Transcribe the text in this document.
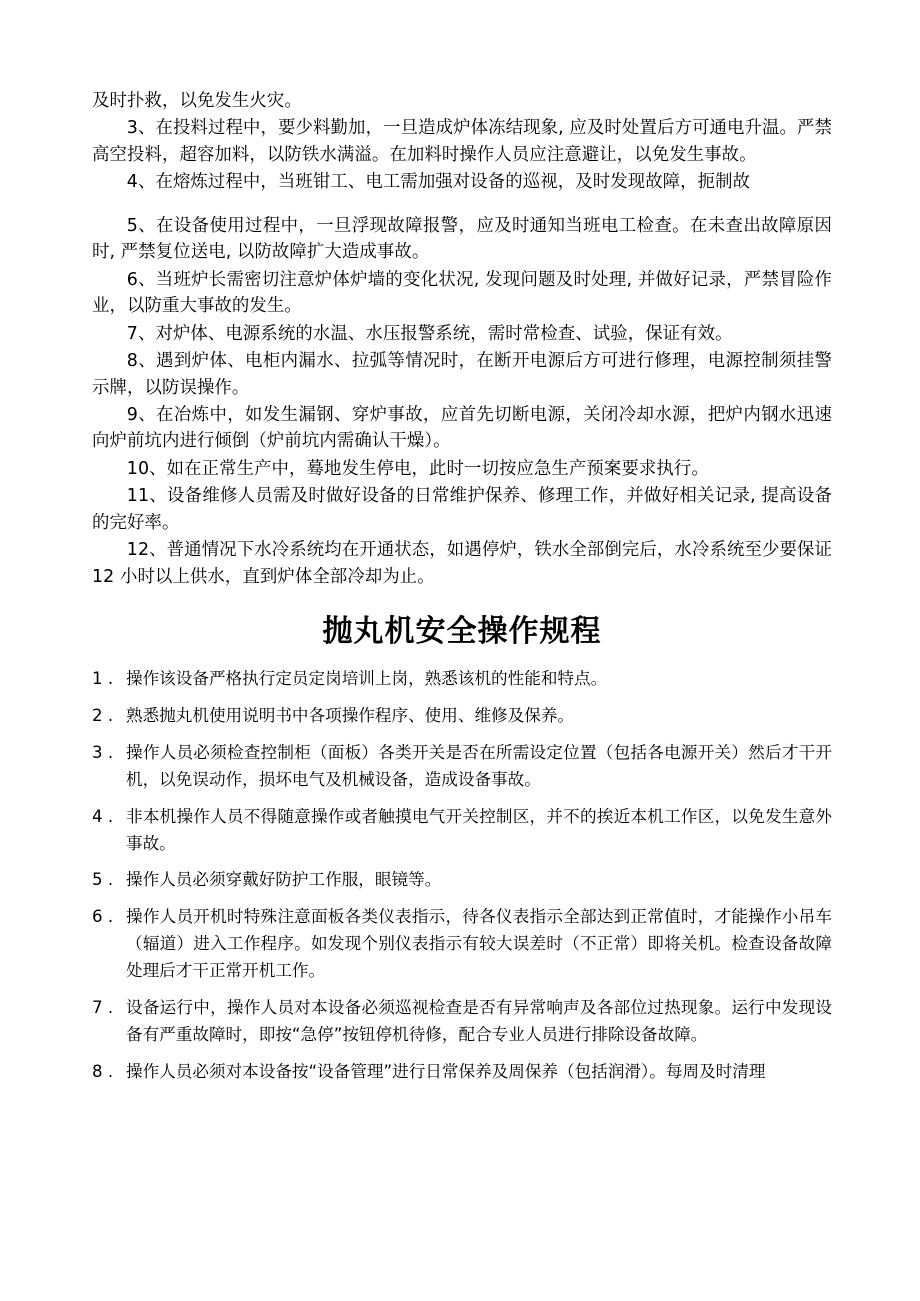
及时扑救，以免发生火灾。

3、在投料过程中，要少料勤加，一旦造成炉体冻结现象, 应及时处置后方可通电升温。严禁高空投料，超容加料，以防铁水满溢。在加料时操作人员应注意避让，以免发生事故。

4、在熔炼过程中，当班钳工、电工需加强对设备的巡视，及时发现故障，扼制故

5、在设备使用过程中，一旦浮现故障报警，应及时通知当班电工检查。在未查出故障原因时, 严禁复位送电, 以防故障扩大造成事故。

6、当班炉长需密切注意炉体炉墙的变化状况, 发现问题及时处理, 并做好记录，严禁冒险作业，以防重大事故的发生。

7、对炉体、电源系统的水温、水压报警系统，需时常检查、试验，保证有效。

8、遇到炉体、电柜内漏水、拉弧等情况时，在断开电源后方可进行修理，电源控制须挂警示牌，以防误操作。

9、在冶炼中，如发生漏钢、穿炉事故，应首先切断电源，关闭冷却水源，把炉内钢水迅速向炉前坑内进行倾倒（炉前坑内需确认干燥）。

10、如在正常生产中，蓦地发生停电，此时一切按应急生产预案要求执行。

11、设备维修人员需及时做好设备的日常维护保养、修理工作，并做好相关记录, 提高设备的完好率。

12、普通情况下水冷系统均在开通状态，如遇停炉，铁水全部倒完后，水冷系统至少要保证 12 小时以上供水，直到炉体全部冷却为止。

抛丸机安全操作规程
1 . 操作该设备严格执行定员定岗培训上岗，熟悉该机的性能和特点。
2 . 熟悉抛丸机使用说明书中各项操作程序、使用、维修及保养。
3 . 操作人员必须检查控制柜（面板）各类开关是否在所需设定位置（包括各电源开关）然后才干开机，以免误动作，损坏电气及机械设备，造成设备事故。
4 . 非本机操作人员不得随意操作或者触摸电气开关控制区，并不的挨近本机工作区，以免发生意外事故。
5 . 操作人员必须穿戴好防护工作服，眼镜等。
6 . 操作人员开机时特殊注意面板各类仪表指示，待各仪表指示全部达到正常值时，才能操作小吊车（辐道）进入工作程序。如发现个别仪表指示有较大误差时（不正常）即将关机。检查设备故障处理后才干正常开机工作。
7 . 设备运行中，操作人员对本设备必须巡视检查是否有异常响声及各部位过热现象。运行中发现设备有严重故障时，即按“急停”按钮停机待修，配合专业人员进行排除设备故障。
8 . 操作人员必须对本设备按“设备管理”进行日常保养及周保养（包括润滑）。每周及时清理
